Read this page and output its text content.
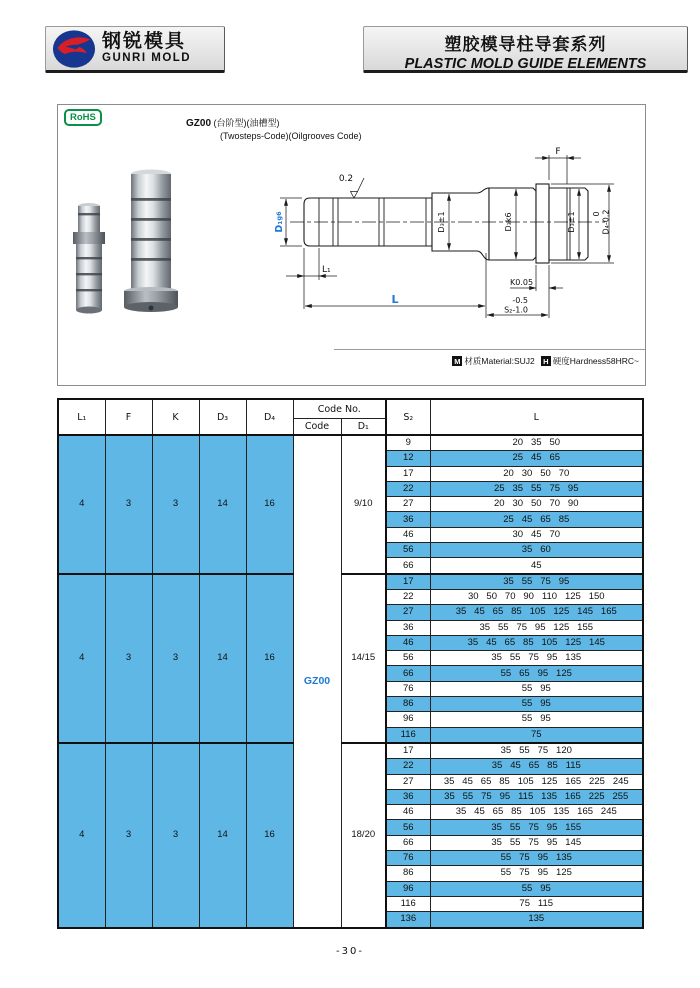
钢锐模具
GUNRI MOLD
塑胶模导柱导套系列
PLASTIC MOLD GUIDE ELEMENTS
RoHS
GZ00 (台阶型)(油槽型)
(Twosteps-Code)(Oilgrooves Code)
D₁g6
0.2
L₁
L
D₃±1	D₃k6
F
D₃±1 0D₄-0.2
K0.05
-0.5
S₂-1.0
M 材质Material:SUJ2	H 硬度Hardness58HRC~
L₁	F	K	D₃	D₄	Code No.		S₂	L
					Code	D₁		
4	3	3	14	16	GZ00	9/10	9	20   35   50
							12	25   45   65
							17	20   30   50   70
							22	25   35   55   75   95
							27	20   30   50   70   90
							36	25   45   65   85
							46	30   45   70
							56	35   60
							66	45
4	3	3	14	16		14/15	17	35   55   75   95
							22	30   50   70   90   110   125   150
							27	35   45   65   85   105   125   145   165
							36	35   55   75   95   125   155
							46	35   45   65   85   105   125   145
							56	35   55   75   95   135
							66	55   65   95   125
							76	55   95
							86	55   95
							96	55   95
							116	75
4	3	3	14	16		18/20	17	35   55   75   120
							22	35   45   65   85   115
							27	35   45   65   85   105   125   165   225   245
							36	35   55   75   95   115   135   165   225   255
							46	35   45   65   85   105   135   165   245
							56	35   55   75   95   155
							66	35   55   75   95   145
							76	55   75   95   135
							86	55   75   95   125
							96	55   95
							116	75   115
							136	135
-30-
